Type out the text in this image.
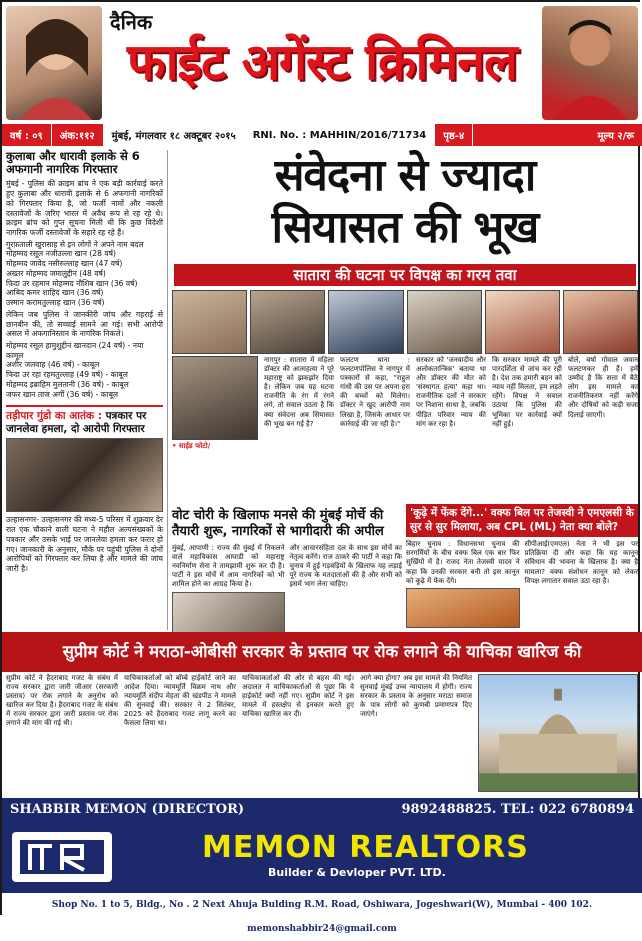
दैनिक
फाईट अगेंस्ट क्रिमिनल
वर्ष : ०९	अंक:११२	मुंबई, मंगलवार १८ अक्टूबर २०१५	RNI. No. : MAHHIN/2016/71734	पृष्ठ-४	मूल्य २/रू
कुलाबा और धारावी इलाके से 6 अफगानी नागरिक गिरफ्तार

मुंबई - पुलिस की क्राइम ब्रांच ने एक बड़ी कार्रवाई करते हुए कुलाबा और धारावी इलाके से 6 अफगानी नागरिकों को गिरफ्तार किया है, जो फर्जी नामों और नकली दस्तावेजों के जरिए भारत में अवैध रूप से रह रहे थे। क्राइम ब्रांच को गुप्त सूचना मिली थी कि कुछ विदेशी नागरिक फर्जी दस्तावेजों के सहारे रह रहे हैं।

गुरफ़ताली खुरासाह से इन लोगों ने अपने नाम बदल
मोहम्मद रसूल नजीउल्ला खान (28 वर्ष)
मोहम्मद जावेद नसीरुल्लाह खान (47 वर्ष)
अख्तर मोहम्मद जमालुद्दीन (48 वर्ष)
फ़िदा उर रहमान मोहम्मद नौशिब खान (36 वर्ष)
आबिद कमर शाहिद खान (36 वर्ष)
उस्मान करामतुल्लाह खान (36 वर्ष)

लेकिन जब पुलिस ने जानकीरी जांच और गहराई से छानबीन की, तो सच्चाई सामने आ गई। सभी आरोपी असल में अफगानिस्तान के नागरिक निकले।

मोहम्मद रसूल हामुशुद्दीन खानदान (24 वर्ष) - नया कामूल
अशीर जलवाह (46 वर्ष) - काबूल
फिदा उर रहा रहमतुल्लाह (49 वर्ष) - काबूल
मोहम्मद इब्राहिम मुलतानी (36 वर्ष) - काबूल
जफर खान ताज अर्गी (36 वर्ष) - काबूल
तड़ीपार गुंडो का आतंक : पत्रकार पर जानलेवा हमला, दो आरोपी गिरफ्तार

उल्हासनगर- उल्हासनगर की मध्य-5 परिसर में शुक्रवार देर रात एक चौकाने वाली घटना ने महौल अल्पसंख्यकों के पत्रकार और उसके भाई पर जानलेवा हमला कर फरार हो गए। जानकारी के अनुसार, मौके पर पहुंची पुलिस ने दोनों आरोपियों को गिरफ्तार कर लिया है और मामले की जांच जारी है।

संवेदना से ज्यादा
सियासत की भूख
सातारा की घटना पर विपक्ष का गरम तवा
• साईड फोटो/
नागपुर : सातारा में महिला डॉक्टर की आत्महत्या ने पूरे महाराष्ट्र को झकझोर दिया है। लेकिन जब यह घटना राजनीति के रंग में रंगने लगे, तो सवाल उठता है कि क्या संवेदना अब सियासत की भूख बन गई है?
फलटण थाना : फलटणपोलिस ने नागपुर में पत्रकारों से कहा, "राहुल गांधी की उस पर अपना हरा की बच्चों को मिलेगा। डॉक्टर ने खुद आरोपी नाम लिखा है, जिसके आधार पर कार्रवाई की जा रही है।"
सरकार को 'जनवादीय और अलोकतान्त्रिक' बताया था और डॉक्टर की मौत को 'संस्थागत हत्या' कहा था। राजनीतिक दलों ने सरकार पर निशाना साधा है, जबकि पीड़ित परिवार न्याय की मांग कर रहा है।
कि सरकार मामले की पूरी पारदर्शिता से जांच कर रही है। देश तक हमारी बहन को न्याय नहीं मिलता, हम लड़ते रहेंगे। विपक्ष ने सवाल उठाया कि पुलिस की भूमिका पर कार्रवाई क्यों नहीं हुई।
बोले, बर्षा गोवाल जवान फलटणकर ही हैं। हमें उम्मीद है कि सत्ता में बैठे लोग इस मामले का राजनीतिकरण नहीं करेंगे और दोषियों को कड़ी सजा दिलाई जाएगी।
वोट चोरी के खिलाफ मनसे की मुंबई मोर्चे की तैयारी शुरू, नागरिकों से भागीदारी की अपील
मुंबई, आपाणी : राज्य की मुंबई में निकलने वाले महाविकास आघाडी को महाराष्ट्र नवनिर्माण सेना ने तामझामी शुरू कर दी है। पार्टी ने इस मोर्चे में आम नागरिकों को भी शामिल होने का आग्रह किया है।
और आचारसंहिता दल के साथ इस मोर्चे का नेतृत्व करेंगे। राज ठाकरे की पार्टी ने कहा कि चुनाव में हुई गड़बड़ियों के खिलाफ यह लड़ाई पूरे राज्य के मतदाताओं की है और सभी को इसमें भाग लेना चाहिए।
'कूढ़े में फेंक देंगे...' वक्फ बिल पर तेजस्वी ने एमएलसी के सुर से सुर मिलाया, अब CPL (ML) नेता क्या बोले?
बिहार चुनाव : विधानसभा चुनाव की सरगर्मियों के बीच वक्फ बिल एक बार फिर सुर्खियों में है। राजद नेता तेजस्वी यादव ने कहा कि उनकी सरकार बनी तो इस कानून को कूढ़े में फेंक देंगे।
सीपीआई(एमएल) नेता ने भी इस पर प्रतिक्रिया दी और कहा कि यह कानून संविधान की भावना के खिलाफ है। क्या है मामला? वक्फ संशोधन कानून को लेकर विपक्ष लगातार सवाल उठा रहा है।
सुप्रीम कोर्ट ने मराठा-ओबीसी सरकार के प्रस्ताव पर रोक लगाने की याचिका खारिज की
सुप्रीम कोर्ट ने हैदराबाद गजट के संबंध में राज्य सरकार द्वारा जारी जीआर (सरकारी प्रस्ताव) पर रोक लगाने के अनुरोध को खारिज कर दिया है। हैदराबाद गजट के संबंध में राज्य सरकार द्वारा जारी प्रस्ताव पर रोक लगाने की मांग की गई थी।
याचिकाकर्ताओं को बॉम्बे हाईकोर्ट जाने का आदेश दिया। न्यायमूर्ति विक्रम नाथ और न्यायमूर्ति संदीप मेहता की खंडपीठ ने मामले की सुनवाई की। सरकार ने 2 सितंबर, 2025 को हैदराबाद गजट लागू करने का फैसला लिया था।
याचिकाकर्ताओं की ओर से बहस की गई। अदालत ने याचिकाकर्ताओं से पूछा कि वे हाईकोर्ट क्यों नहीं गए। सुप्रीम कोर्ट ने इस मामले में हस्तक्षेप से इनकार करते हुए याचिका खारिज कर दी।
आगे क्या होगा? अब इस मामले की नियमित सुनवाई मुंबई उच्च न्यायालय में होगी। राज्य सरकार के प्रस्ताव के अनुसार मराठा समाज के पात्र लोगों को कुणबी प्रमाणपत्र दिए जाएंगे।
SHABBIR MEMON (DIRECTOR)	9892488825. TEL: 022 6780894
MEMON REALTORS
Builder & Devloper PVT. LTD.
Shop No. 1 to 5, Bldg., No . 2 Next Ahuja Bulding R.M. Road, Oshiwara, Jogeshwari(W), Mumbai - 400 102. memonshabbir24@gmail.com
